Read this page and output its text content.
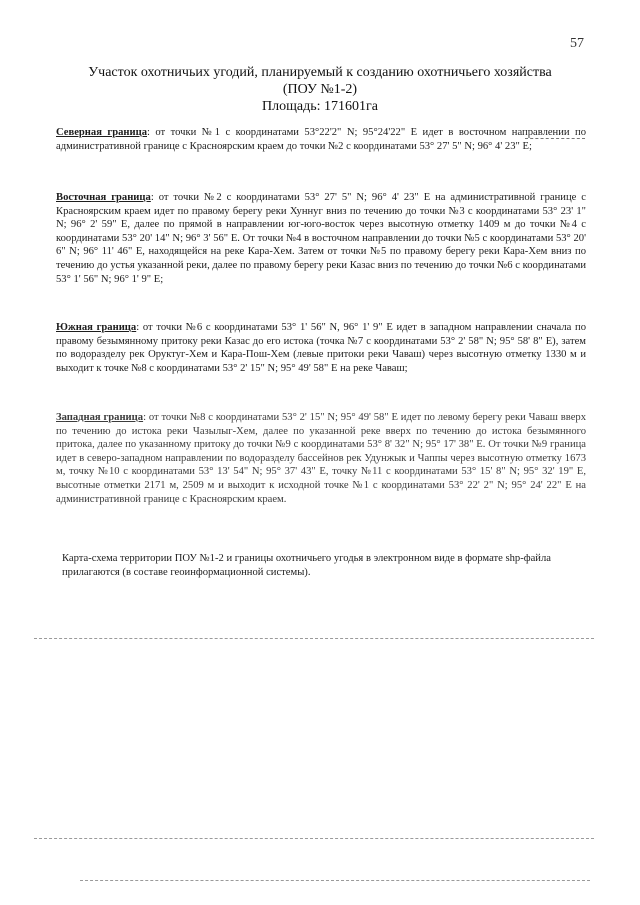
57
Участок охотничьих угодий, планируемый к созданию охотничьего хозяйства
(ПОУ №1-2)
Площадь: 171601га
Северная граница: от точки №1 с координатами 53°22'2" N; 95°24'22" E идет в восточном направлении по административной границе с Красноярским краем до точки №2 с координатами 53° 27' 5" N; 96° 4' 23" E;
Восточная граница: от точки №2 с координатами 53° 27' 5" N; 96° 4' 23" E на административной границе с Красноярским краем идет по правому берегу реки Хуннуг вниз по течению до точки №3 с координатами 53° 23' 1" N; 96° 2' 59" E, далее по прямой в направлении юг-юго-восток через высотную отметку 1409 м до точки №4 с координатами 53° 20' 14" N; 96° 3' 56" E. От точки №4 в восточном направлении до точки №5 с координатами 53° 20' 6" N; 96° 11' 46" E, находящейся на реке Кара-Хем. Затем от точки №5 по правому берегу реки Кара-Хем вниз по течению до устья указанной реки, далее по правому берегу реки Казас вниз по течению до точки №6 с координатами 53° 1' 56" N; 96° 1' 9" E;
Южная граница: от точки №6 с координатами 53° 1' 56" N, 96° 1' 9" E идет в западном направлении сначала по правому безымянному притоку реки Казас до его истока (точка №7 с координатами 53° 2' 58" N; 95° 58' 8" E), затем по водоразделу рек Оруктуг-Хем и Кара-Пош-Хем (левые притоки реки Чаваш) через высотную отметку 1330 м и выходит к точке №8 с координатами 53° 2' 15" N; 95° 49' 58" E на реке Чаваш;
Западная граница: от точки №8 с координатами 53° 2' 15" N; 95° 49' 58" E идет по левому берегу реки Чаваш вверх по течению до истока реки Чазылыг-Хем, далее по указанной реке вверх по течению до истока безымянного притока, далее по указанному притоку до точки №9 с координатами 53° 8' 32" N; 95° 17' 38" E. От точки №9 граница идет в северо-западном направлении по водоразделу бассейнов рек Удунжык и Чаппы через высотную отметку 1673 м, точку №10 с координатами 53° 13' 54" N; 95° 37' 43" E, точку №11 с координатами 53° 15' 8" N; 95° 32' 19" E, высотные отметки 2171 м, 2509 м и выходит к исходной точке №1 с координатами 53° 22' 2" N; 95° 24' 22" E на административной границе с Красноярским краем.
Карта-схема территории ПОУ №1-2 и границы охотничьего угодья в электронном виде в формате shp-файла прилагаются (в составе геоинформационной системы).
